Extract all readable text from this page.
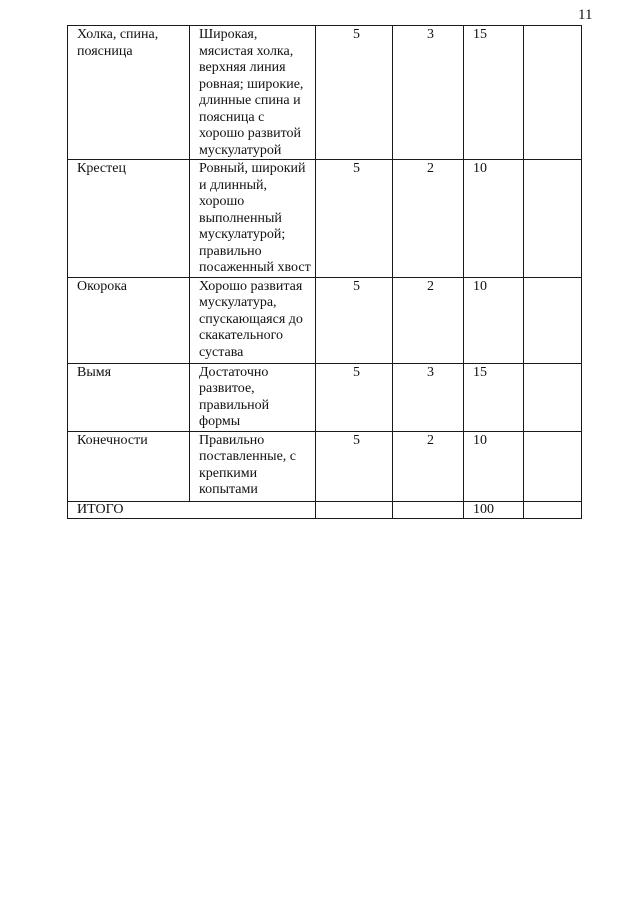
11
Холка, спина, поясница	Широкая, мясистая холка, верхняя линия ровная; широкие, длинные спина и поясница с хорошо развитой мускулатурой	5	3	15	
Крестец	Ровный, широкий и длинный, хорошо выполненный мускулатурой; правильно посаженный хвост	5	2	10	
Окорока	Хорошо развитая мускулатура, спускающаяся до скакательного сустава	5	2	10	
Вымя	Достаточно развитое, правильной формы	5	3	15	
Конечности	Правильно поставленные, с крепкими копытами	5	2	10	
ИТОГО				100	
